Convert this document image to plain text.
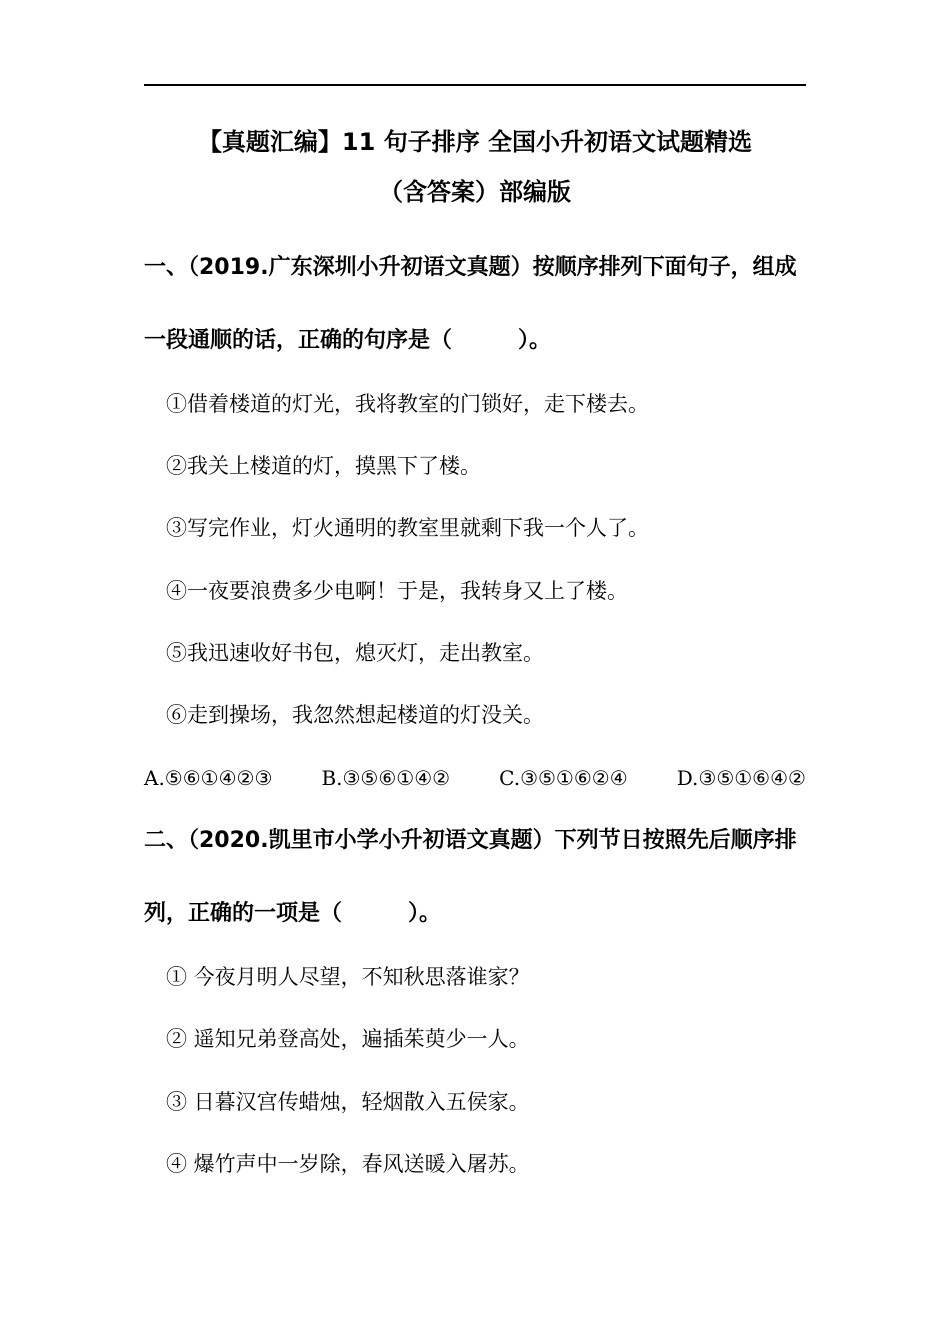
【真题汇编】11 句子排序 全国小升初语文试题精选
（含答案）部编版
一、（2019.广东深圳小升初语文真题）按顺序排列下面句子，组成
一段通顺的话，正确的句序是（　　　）。
①借着楼道的灯光，我将教室的门锁好，走下楼去。
②我关上楼道的灯，摸黑下了楼。
③写完作业，灯火通明的教室里就剩下我一个人了。
④一夜要浪费多少电啊！于是，我转身又上了楼。
⑤我迅速收好书包，熄灭灯，走出教室。
⑥走到操场，我忽然想起楼道的灯没关。
A.⑤⑥①④②③ B.③⑤⑥①④② C.③⑤①⑥②④ D.③⑤①⑥④②
二、（2020.凯里市小学小升初语文真题）下列节日按照先后顺序排
列，正确的一项是（　　　）。
① 今夜月明人尽望，不知秋思落谁家？
② 遥知兄弟登高处，遍插茱萸少一人。
③ 日暮汉宫传蜡烛，轻烟散入五侯家。
④ 爆竹声中一岁除，春风送暖入屠苏。
